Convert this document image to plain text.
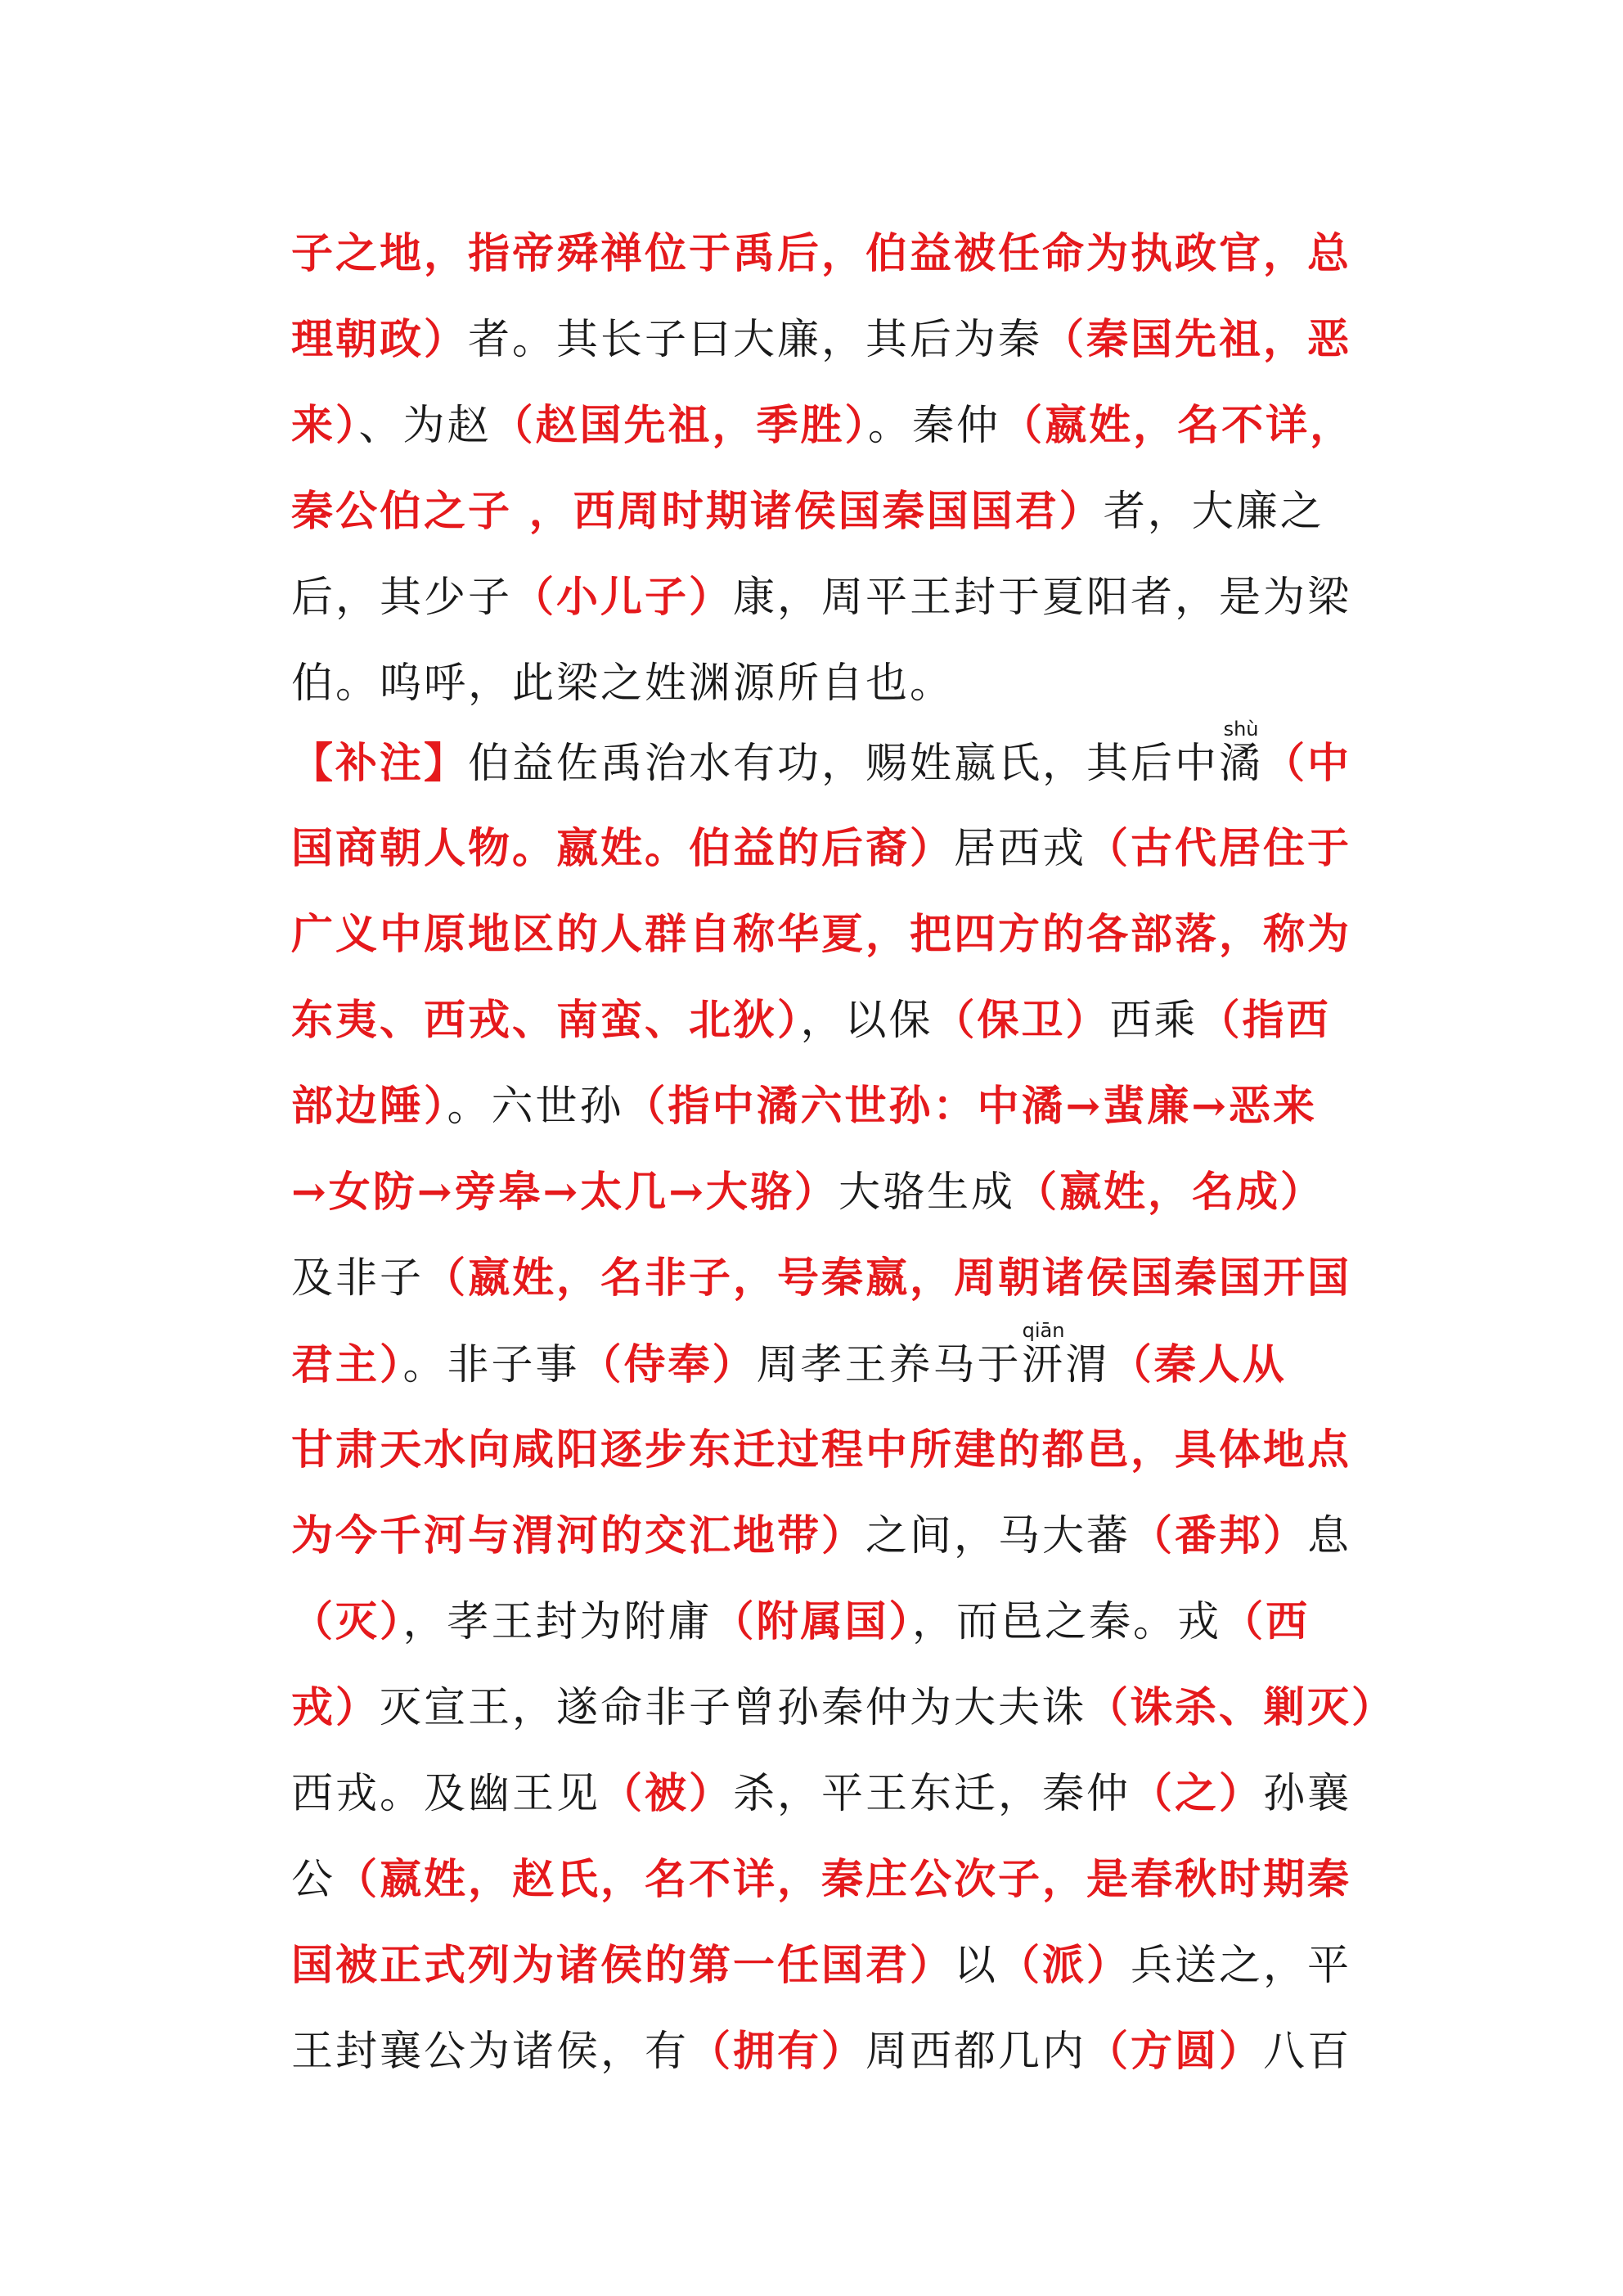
子之地，指帝舜禅位于禹后，伯益被任命为执政官，总
理朝政）者。其长子曰大廉，其后为秦（秦国先祖，恶
来）、为赵（赵国先祖，季胜）。秦仲（嬴姓，名不详，
秦公伯之子 ，西周时期诸侯国秦国国君）者，大廉之
后，其少子（小儿子）康，周平王封于夏阳者，是为梁
伯。呜呼，此梁之姓渊源所自也。
【补注】伯益佐禹治水有功，赐姓嬴氏，其后中潏shù（中
国商朝人物。嬴姓。伯益的后裔）居西戎（古代居住于
广义中原地区的人群自称华夏，把四方的各部落，称为
东夷、西戎、南蛮、北狄），以保（保卫）西乘（指西
部边陲）。六世孙（指中潏六世孙：中潏→蜚廉→恶来
→女防→旁皋→太几→大骆）大骆生成（嬴姓，名成）
及非子（嬴姓，名非子，号秦嬴，周朝诸侯国秦国开国
君主）。非子事（侍奉）周孝王养马于汧qiān渭（秦人从
甘肃天水向咸阳逐步东迁过程中所建的都邑，具体地点
为今千河与渭河的交汇地带）之间，马大蕃（番邦）息
（灭），孝王封为附庸（附属国），而邑之秦。戎（西
戎）灭宣王，遂命非子曾孙秦仲为大夫诛（诛杀、剿灭）
西戎。及幽王见（被）杀，平王东迁，秦仲（之）孙襄
公（嬴姓，赵氏，名不详，秦庄公次子，是春秋时期秦
国被正式列为诸侯的第一任国君）以（派）兵送之，平
王封襄公为诸侯，有（拥有）周西都几内（方圆）八百
